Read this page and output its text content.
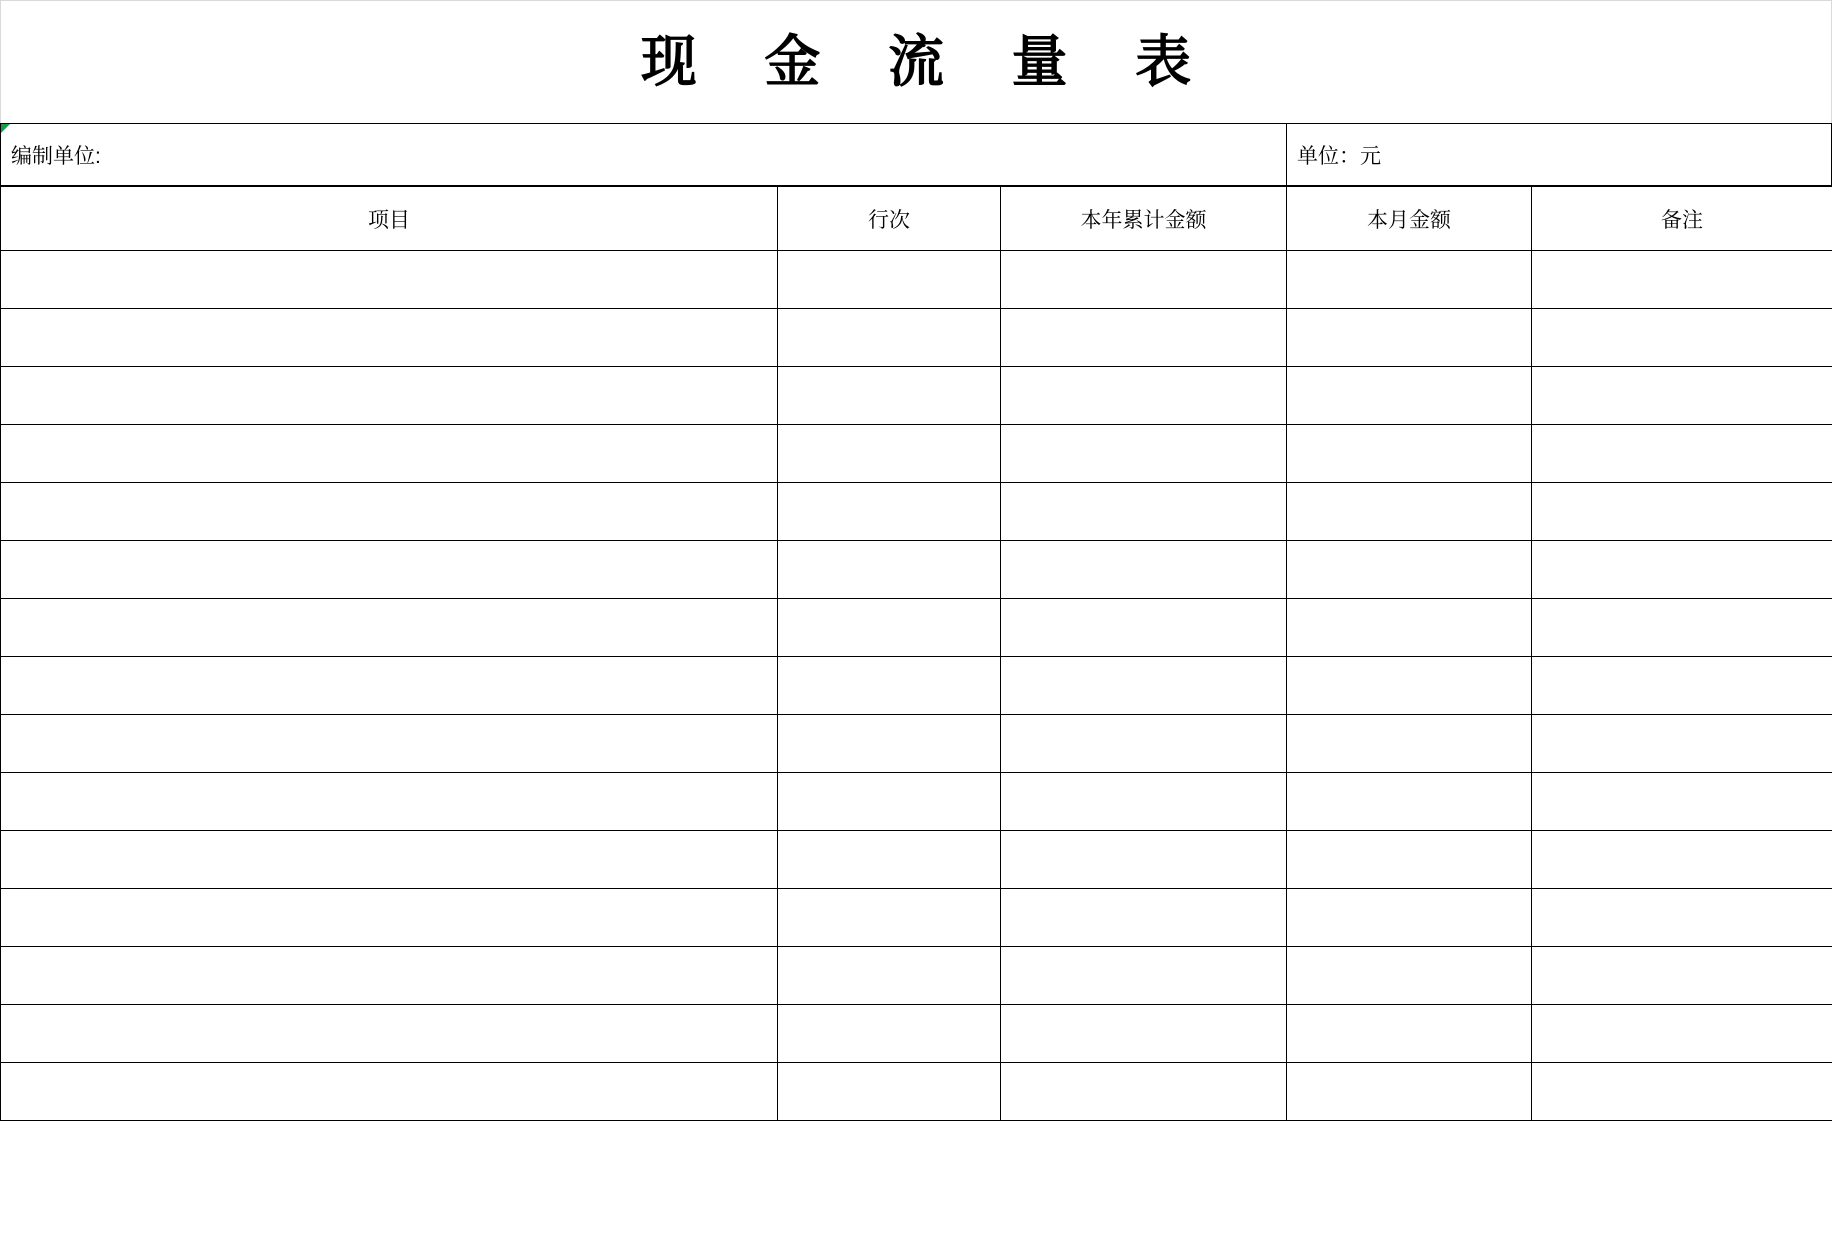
现 金 流 量 表
编制单位:	单位：元
项目	行次	本年累计金额	本月金额	备注
